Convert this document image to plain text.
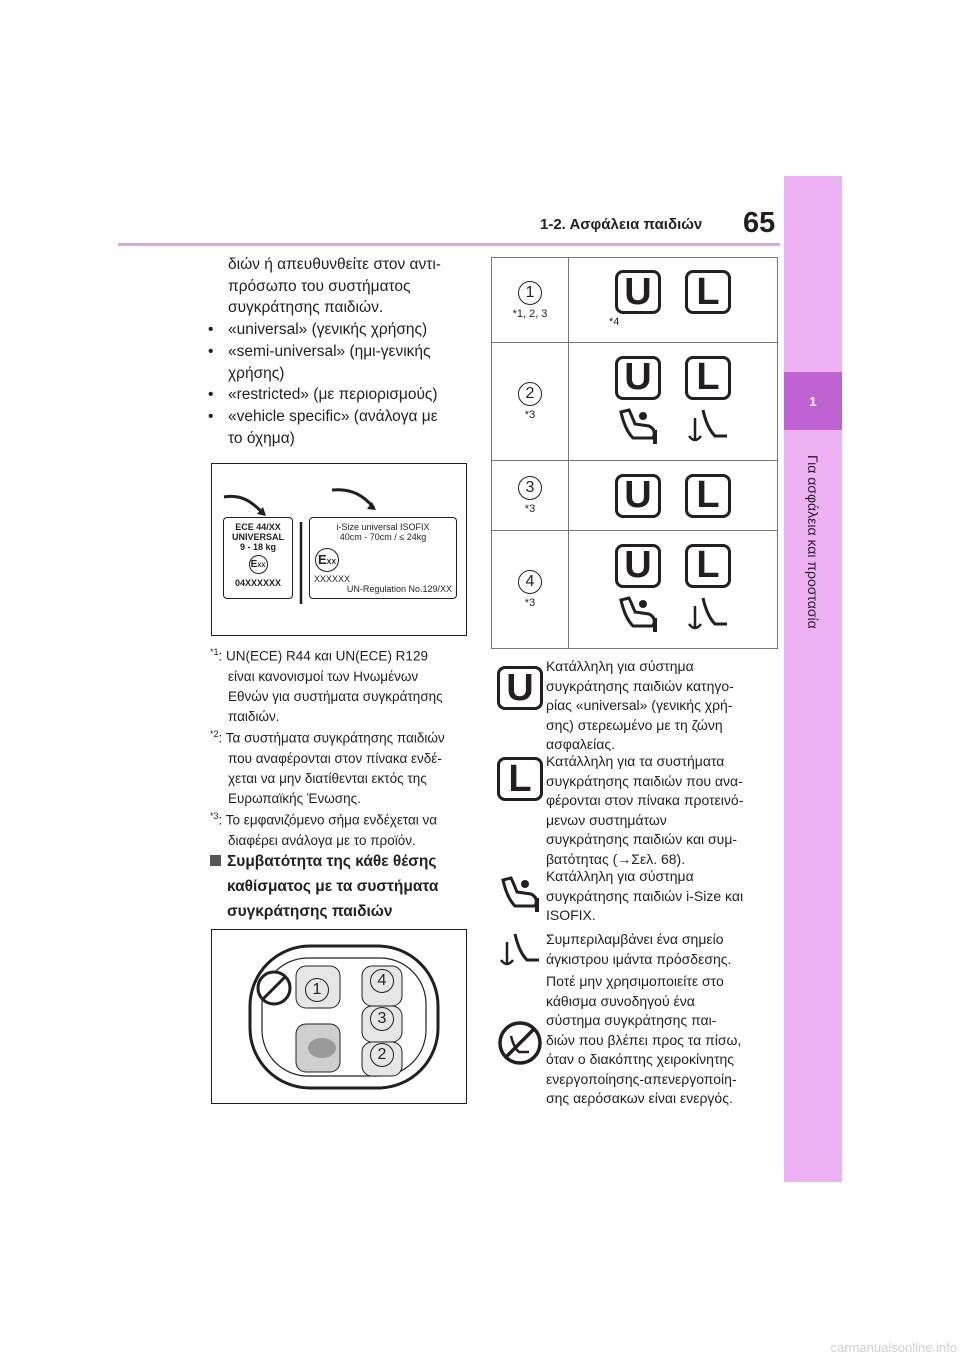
1-2. Ασφάλεια παιδιών 65
1
Για ασφάλεια και προστασία
διών ή απευθυνθείτε στον αντι-
πρόσωπο του συστήματος
συγκράτησης παιδιών.
• «universal» (γενικής χρήσης)
• «semi-universal» (ημι-γενικής
χρήσης)
• «restricted» (με περιορισμούς)
• «vehicle specific» (ανάλογα με
το όχημα)
ECE 44/XX
UNIVERSAL
9 - 18 kg
EXX
04XXXXXX
i-Size universal ISOFIX
40cm - 70cm / ≤ 24kg
EXX
XXXXXX
UN-Regulation No.129/XX
$^{*1}$: UN(ECE) R44 και UN(ECE) R129
είναι κανονισμοί των Ηνωμένων
Εθνών για συστήματα συγκράτησης
παιδιών.
$^{*2}$: Τα συστήματα συγκράτησης παιδιών
που αναφέρονται στον πίνακα ενδέ-
χεται να μην διατίθενται εκτός της
Ευρωπαϊκής Ένωσης.
$^{*3}$: Το εμφανιζόμενο σήμα ενδέχεται να
διαφέρει ανάλογα με το προϊόν.
Συμβατότητα της κάθε θέσης
καθίσματος με τα συστήματα
συγκράτησης παιδιών
1
4
3
2
1
*1, 2, 3	U L
*4

2
*3	U L

3
*3	U L
4
*3	U L

U
Κατάλληλη για σύστημα
συγκράτησης παιδιών κατηγο-
ρίας «universal» (γενικής χρή-
σης) στερεωμένο με τη ζώνη
ασφαλείας.
L	Κατάλληλη για τα συστήματα
συγκράτησης παιδιών που ανα-
φέρονται στον πίνακα προτεινό-
μενων συστημάτων
συγκράτησης παιδιών και συμ-
βατότητας (→Σελ. 68).
Κατάλληλη για σύστημα
συγκράτησης παιδιών i-Size και
ISOFIX.
Συμπεριλαμβάνει ένα σημείο
άγκιστρου ιμάντα πρόσδεσης.
Ποτέ μην χρησιμοποιείτε στο
κάθισμα συνοδηγού ένα
σύστημα συγκράτησης παι-
διών που βλέπει προς τα πίσω,
όταν ο διακόπτης χειροκίνητης
ενεργοποίησης-απενεργοποίη-
σης αερόσακων είναι ενεργός.
carmanualsonline.info
